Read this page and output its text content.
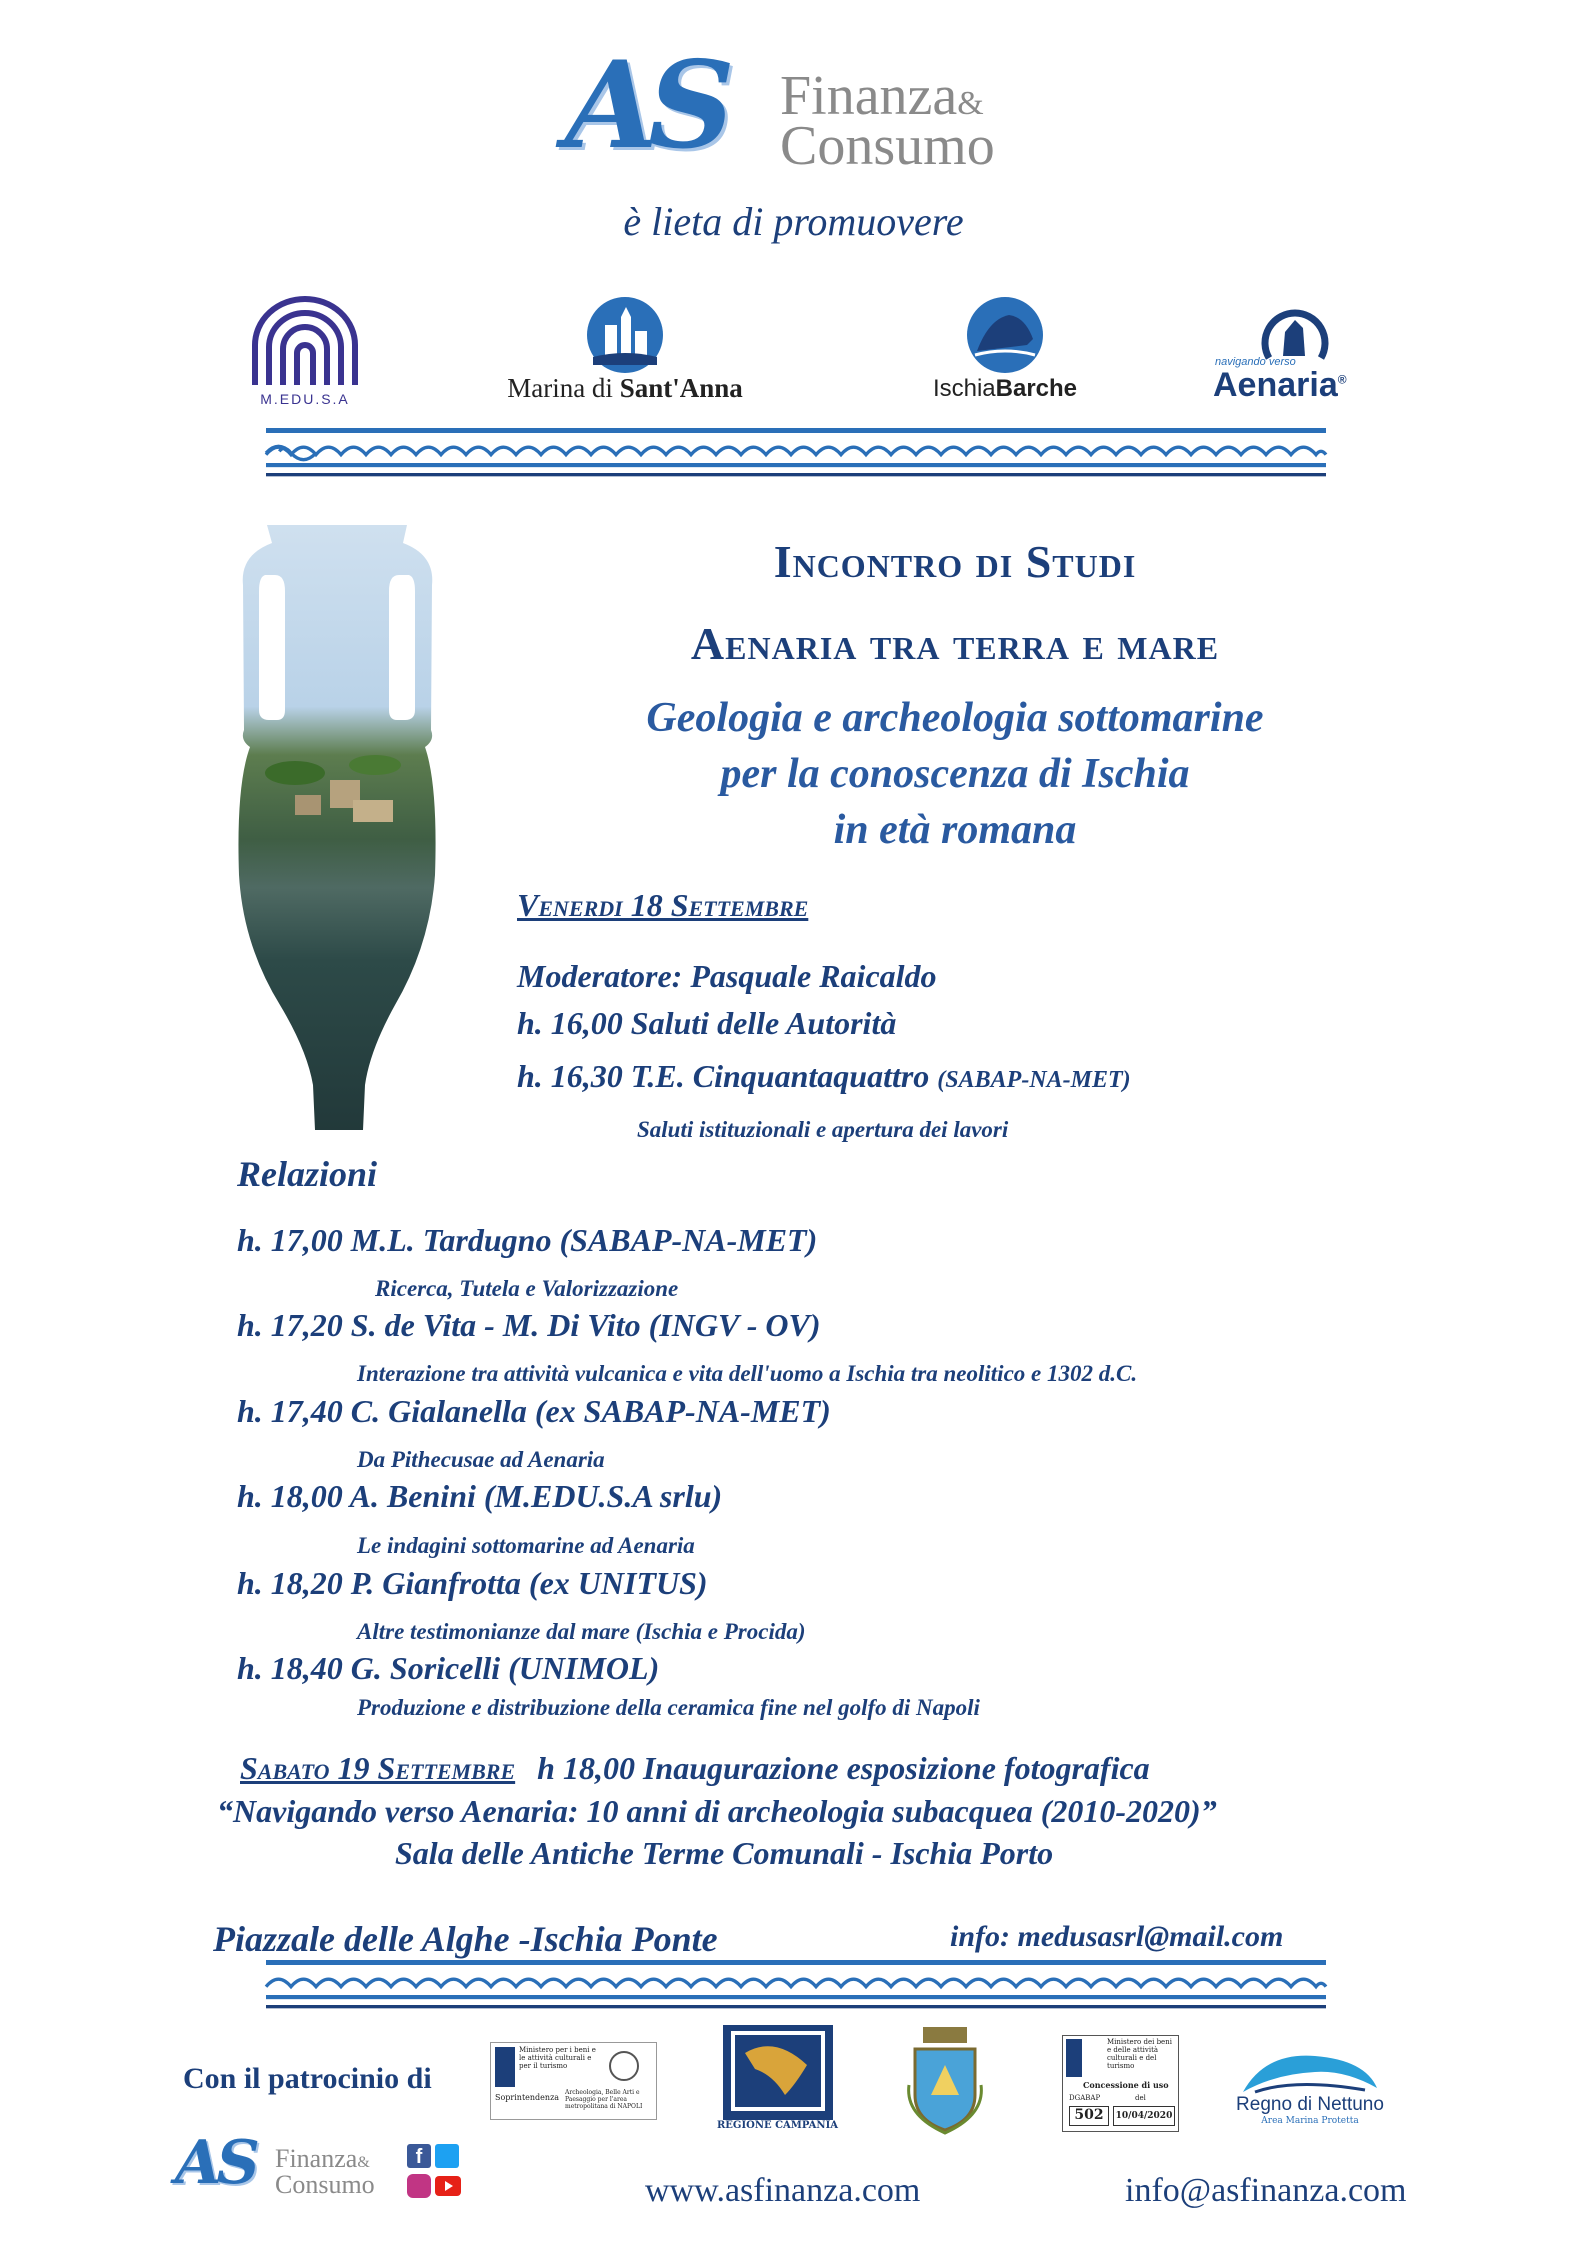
AS Finanza&
Consumo
è lieta di promuovere
M.EDU.S.A	Marina di Sant'Anna	IschiaBarche
navigando verso
Aenaria®
Incontro di Studi
Aenaria tra terra e mare
Geologia e archeologia sottomarine
per la conoscenza di Ischia
in età romana
Venerdi 18 Settembre
Moderatore: Pasquale Raicaldo
h. 16,00 Saluti delle Autorità
h. 16,30 T.E. Cinquantaquattro (SABAP-NA-MET)
Saluti istituzionali e apertura dei lavori
Relazioni
h. 17,00 M.L. Tardugno (SABAP-NA-MET)
Ricerca, Tutela e Valorizzazione
h. 17,20 S. de Vita - M. Di Vito (INGV - OV)
Interazione tra attività vulcanica e vita dell'uomo a Ischia tra neolitico e 1302 d.C.
h. 17,40 C. Gialanella (ex SABAP-NA-MET)
Da Pithecusae ad Aenaria
h. 18,00 A. Benini (M.EDU.S.A srlu)
Le indagini sottomarine ad Aenaria
h. 18,20 P. Gianfrotta (ex UNITUS)
Altre testimonianze dal mare (Ischia e Procida)
h. 18,40 G. Soricelli (UNIMOL)
Produzione e distribuzione della ceramica fine nel golfo di Napoli
Sabato 19 Settembre h 18,00 Inaugurazione esposizione fotografica
“Navigando verso Aenaria: 10 anni di archeologia subacquea (2010-2020)”
Sala delle Antiche Terme Comunali - Ischia Porto
Piazzale delle Alghe -Ischia Ponte	info: medusasrl@mail.com
Con il patrocinio di
Ministero per i beni e le attività culturali e per il turismo
Soprintendenza
Archeologia, Belle Arti e Paesaggio per l'area metropolitana di NAPOLI
REGIONE CAMPANIA
Ministero dei beni e delle attività culturali e del turismo
Concessione di uso
DGABAP	del
502	10/04/2020
Regno di Nettuno
Area Marina Protetta
AS Finanza&
Consumo
f
www.asfinanza.com	info@asfinanza.com
